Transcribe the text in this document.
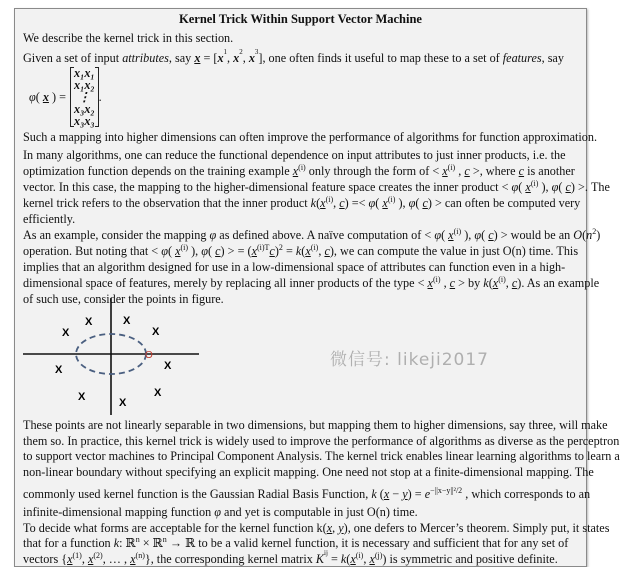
Kernel Trick Within Support Vector Machine
We describe the kernel trick in this section.
Given a set of input attributes, say $x = [x^1$, $x^2$, $x^3$], one often finds it useful to map these to a set of features, say
φ ( x
) =
x₁x₁
x₁x₂
⋮
x₃x₂
x₃x₃
.
Such a mapping into higher dimensions can often improve the performance of algorithms for function approximation.
In many algorithms, one can reduce the functional dependence on input attributes to just inner products, i.e. the
optimization function depends on the training example $x^{(i)}$ only through the form of < $x^{(i)}$ , c >, where c is another
vector. In this case, the mapping to the higher-dimensional feature space creates the inner product < φ( $x^{(i)}$ ), φ( c) >. The
kernel trick refers to the observation that the inner product $k(x^{(i)}$, c) =< φ( $x^{(i)}$ ), φ( c) > can often be computed very
efficiently.
As an example, consider the mapping φ as defined above. A naïve computation of < φ( $x^{(i)}$ ), φ( c) > would be an $O(n^2)$
operation. But noting that < φ( $x^{(i)}$ ), φ( c) > = $(x^{(i)T}c)^2 = k(x^{(i)}$, c), we can compute the value in just O(n) time. This
implies that an algorithm designed for use in a low-dimensional space of attributes can function even in a high-
dimensional space of features, merely by replacing all inner products of the type < $x^{(i)}$ , c > by $k(x^{(i)}$, c). As an example
of such use, consider the points in figure.
X
X	X
X
X
X
X	X
X
O
These points are not linearly separable in two dimensions, but mapping them to higher dimensions, say three, will make
them so. In practice, this kernel trick is widely used to improve the performance of algorithms as diverse as the perceptron
to support vector machines to Principal Component Analysis. The kernel trick enables linear learning algorithms to learn a
non-linear boundary without specifying an explicit mapping. One need not stop at a finite-dimensional mapping. The
commonly used kernel function is the Gaussian Radial Basis Function, k $(x - y) = e^{-||x-y||^2/2}$ , which corresponds to an
infinite-dimensional mapping function φ and yet is computable in just O(n) time.
To decide what forms are acceptable for the kernel function k(x, y), one defers to Mercer’s theorem. Simply put, it states
that for a function k: ℝ$^n$ × ℝ$^n$ → ℝ to be a valid kernel function, it is necessary and sufficient that for any set of
vectors {$x^{(1)}$, $x^{(2)}$, … , $x^{(n)}$}, the corresponding kernel matrix $K^{ij} = k(x^{(i)}$, $x^{(j)}$) is symmetric and positive definite.
微信号: likeji2017
